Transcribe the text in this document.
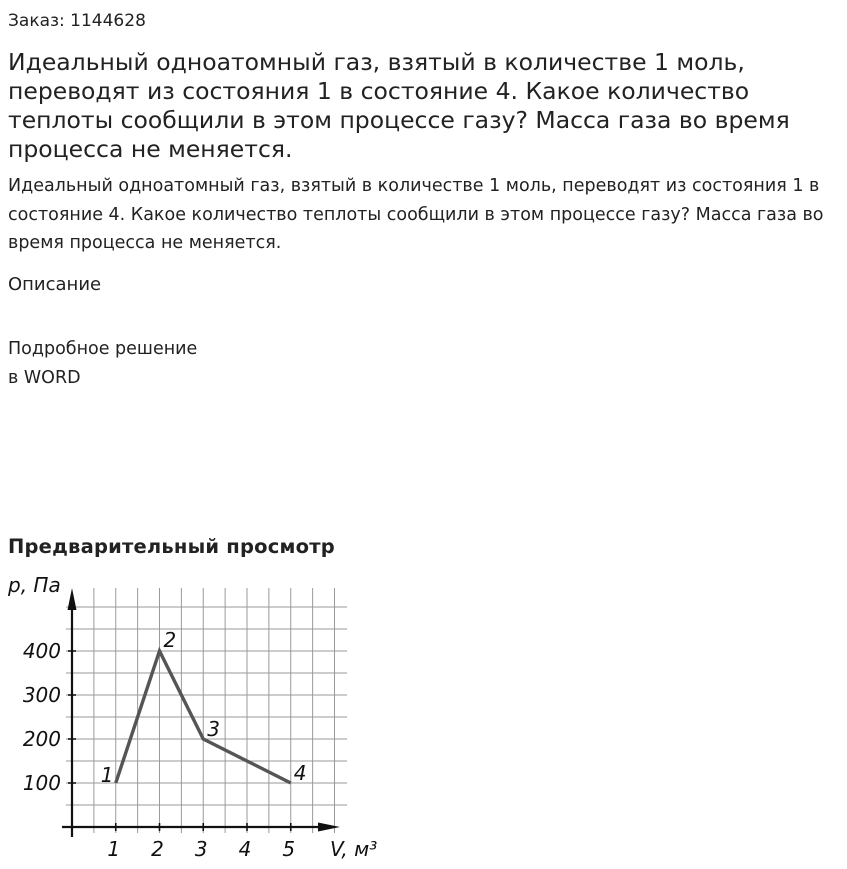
Заказ: 1144628
Идеальный одноатомный газ, взятый в количестве 1 моль, переводят из состояния 1 в состояние 4. Какое количество теплоты сообщили в этом процессе газу? Масса газа во время процесса не меняется.
Идеальный одноатомный газ, взятый в количестве 1 моль, переводят из состояния 1 в состояние 4. Какое количество теплоты сообщили в этом процессе газу? Масса газа во время процесса не меняется.
Описание
Подробное решение
в WORD
Предварительный просмотр
1 2 3 4 5
100
200
300
400
p, Па
V, м³
1
2
3
4
